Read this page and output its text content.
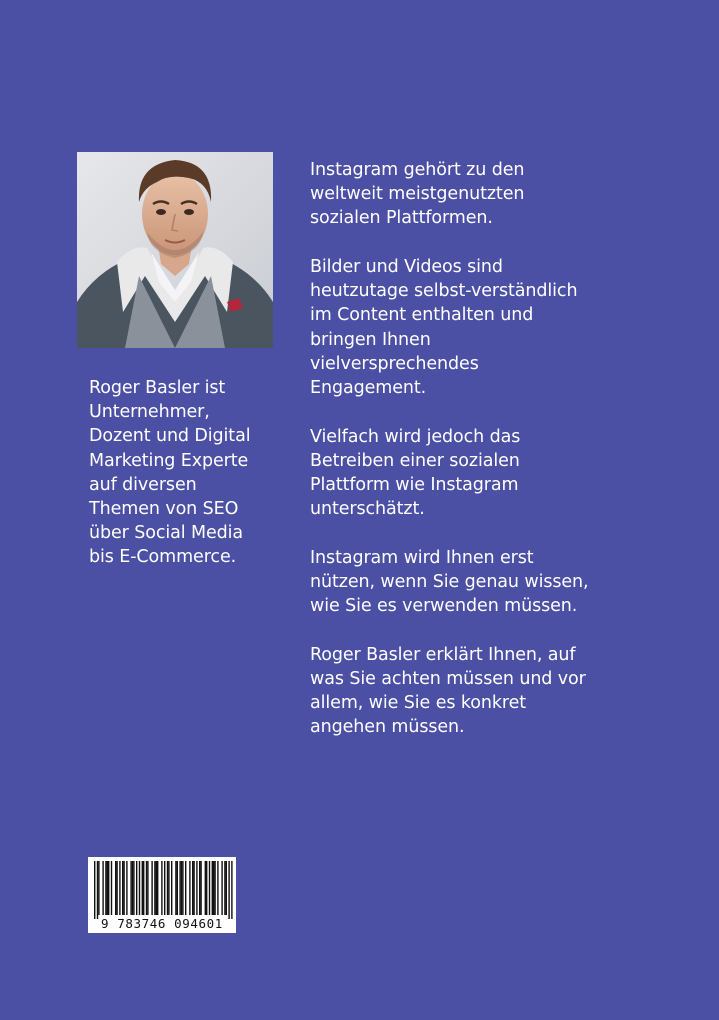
Roger Basler ist

Unternehmer,

Dozent und Digital

Marketing Experte

auf diversen

Themen von SEO

über Social Media

bis E-Commerce.

Instagram gehört zu den
weltweit meistgenutzten
sozialen Plattformen.

Bilder und Videos sind
heutzutage selbst-verständlich
im Content enthalten und
bringen Ihnen
vielversprechendes
Engagement.

Vielfach wird jedoch das
Betreiben einer sozialen
Plattform wie Instagram
unterschätzt.

Instagram wird Ihnen erst
nützen, wenn Sie genau wissen,
wie Sie es verwenden müssen.

Roger Basler erklärt Ihnen, auf
was Sie achten müssen und vor
allem, wie Sie es konkret
angehen müssen.

9 783746 094601
